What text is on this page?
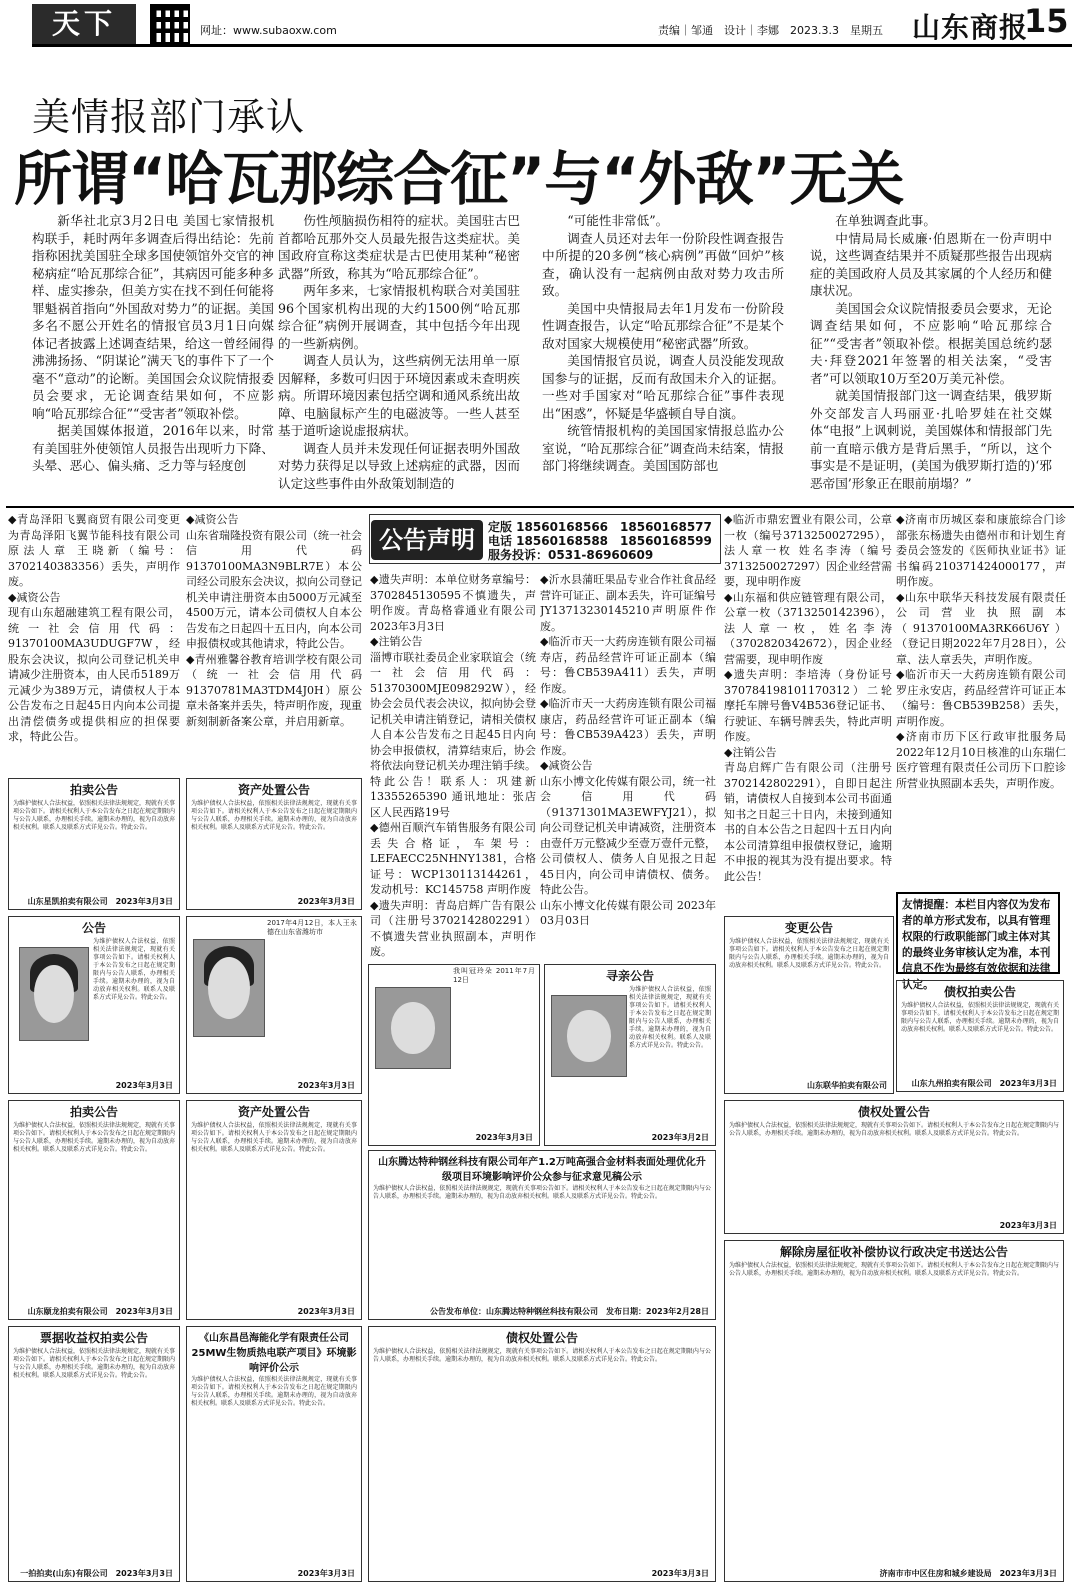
天下	网址：www.subaoxw.com	责编｜邹通　设计｜李娜　2023.3.3　星期五 山东商报
15
美情报部门承认
所谓“哈瓦那综合征”与“外敌”无关

新华社北京3月2日电 美国七家情报机构联手，耗时两年多调查后得出结论：先前指称困扰美国驻全球多国使领馆外交官的神秘病症“哈瓦那综合征”，其病因可能多种多样、虚实掺杂，但美方实在找不到任何能将罪魁祸首指向“外国敌对势力”的证据。美国多名不愿公开姓名的情报官员3月1日向媒体记者披露上述调查结果，给这一曾经闹得沸沸扬扬、“阴谋论”满天飞的事件下了一个毫不“意动”的论断。美国国会众议院情报委员会要求，无论调查结果如何，不应影响“哈瓦那综合征”“受害者”领取补偿。

据美国媒体报道，2016年以来，时常有美国驻外使领馆人员报告出现听力下降、头晕、恶心、偏头痛、乏力等与轻度创

伤性颅脑损伤相符的症状。美国驻古巴首都哈瓦那外交人员最先报告这类症状。美国政府宣称这类症状是古巴使用某种“秘密武器”所致，称其为“哈瓦那综合征”。

两年多来，七家情报机构联合对美国驻96个国家机构出现的大约1500例“哈瓦那综合征”病例开展调查，其中包括今年出现的一些新病例。

调查人员认为，这些病例无法用单一原因解释，多数可归因于环境因素或未查明疾病。所谓环境因素包括空调和通风系统出故障、电脑鼠标产生的电磁波等。一些人甚至基于道听途说虚报病状。

调查人员并未发现任何证据表明外国敌对势力获得足以导致上述病症的武器，因而认定这些事件由外敌策划制造的

“可能性非常低”。

调查人员还对去年一份阶段性调查报告中所提的20多例“核心病例”再做“回炉”核查，确认没有一起病例由敌对势力攻击所致。

美国中央情报局去年1月发布一份阶段性调查报告，认定“哈瓦那综合征”不是某个敌对国家大规模使用“秘密武器”所致。

美国情报官员说，调查人员没能发现敌国参与的证据，反而有敌国未介入的证据。一些对手国家对“哈瓦那综合征”事件表现出“困惑”，怀疑是华盛顿自导自演。

统管情报机构的美国国家情报总监办公室说，“哈瓦那综合征”调查尚未结案，情报部门将继续调查。美国国防部也

在单独调查此事。

中情局局长威廉·伯恩斯在一份声明中说，这些调查结果并不质疑那些报告出现病症的美国政府人员及其家属的个人经历和健康状况。

美国国会众议院情报委员会要求，无论调查结果如何，不应影响“哈瓦那综合征”“受害者”领取补偿。根据美国总统约瑟夫·拜登2021年签署的相关法案，“受害者”可以领取10万至20万美元补偿。

就美国情报部门这一调查结果，俄罗斯外交部发言人玛丽亚·扎哈罗娃在社交媒体“电报”上讽刺说，美国媒体和情报部门先前一直暗示俄方是背后黑手，“所以，这个事实是不是证明，(美国为俄罗斯打造的)‘邪恶帝国’形象正在眼前崩塌？”

◆青岛泽阳飞翼商贸有限公司变更为青岛泽阳飞翼节能科技有限公司原法人章 王晓新（编号：3702140383356）丢失，声明作废。

◆减资公告

现有山东超融建筑工程有限公司，统一社会信用代码：91370100MA3UDUGF7W，经股东会决议，拟向公司登记机关申请减少注册资本，由人民币5189万元减少为389万元，请债权人于本公告发布之日起45日内向本公司提出清偿债务或提供相应的担保要求，特此公告。

◆减资公告

山东省瑞隆投资有限公司（统一社会信用代码91370100MA3N9BLR7E）本公司经公司股东会决议，拟向公司登记机关申请注册资本由5000万元减至4500万元，请本公司债权人自本公告发布之日起四十五日内，向本公司申报债权或其他请求，特此公告。

◆青州雅馨谷教育培训学校有限公司（统一社会信用代码91370781MA3TDM4J0H）原公章未备案并丢失，特声明作废，现重新刻制新备案公章，并启用新章。

公告声明	定版 18560168566　18560168577
电话 18560168588　18560168599
服务投诉：0531-86960609

◆遗失声明：本单位财务章编号：3702845130595不慎遗失，声明作废。青岛格睿通业有限公司2023年3月3日

◆注销公告

淄博市联社委员企业家联谊会（统一社会信用代码：51370300MJE098292W），经协会会员代表会决议，拟向协会登记机关申请注销登记，请相关债权人自本公告发布之日起45日内向协会申报债权，清算结束后，协会将依法向登记机关办理注销手续。特此公告！联系人：巩建新 13355265390 通讯地址：张店区人民西路19号

◆德州百顺汽车销售服务有限公司丢失合格证，车架号：LEFAECC25NHNY1381，合格证号：WCP130113144261，发动机号：KC145758 声明作废

◆遗失声明：青岛启辉广告有限公司（注册号3702142802291）不慎遗失营业执照副本，声明作废。

◆沂水县蒲旺果品专业合作社食品经营许可证正、副本丢失，许可证编号JY13713230145210声明原件作废。

◆临沂市天一大药房连锁有限公司福寿店，药品经营许可证正副本（编号：鲁CB539A411）丢失，声明作废。

◆临沂市天一大药房连锁有限公司福康店，药品经营许可证正副本（编号：鲁CB539A423）丢失，声明作废。

◆减资公告

山东小博文化传媒有限公司，统一社会信用代码（91371301MA3EWFYJ21），拟向公司登记机关申请减资，注册资本由壹仟万元整减少至壹万壹仟元整，公司债权人、债务人自见报之日起45日内，向公司申请债权、债务。特此公告。

山东小博文化传媒有限公司 2023年03月03日

◆临沂市鼎宏置业有限公司，公章一枚（编号3713250027295），法人章一枚 姓名李涛（编号3713250027297）因企业经营需要，现申明作废

◆山东福和供应链管理有限公司，公章一枚（3713250142396），法人章一枚，姓名李涛（3702820342672），因企业经营需要，现申明作废

◆遗失声明：李培涛（身份证号370784198101170312）二轮摩托车牌号鲁V4B536登记证书、行驶证、车辆号牌丢失，特此声明作废。

◆注销公告

青岛启辉广告有限公司（注册号3702142802291），自即日起注销，请债权人自接到本公司书面通知书之日起三十日内，未接到通知书的自本公告之日起四十五日内向本公司清算组申报债权登记，逾期不申报的视其为没有提出要求。特此公告！

◆济南市历城区泰和康旅综合门诊部张东杨遗失由德州市和计划生育委员会签发的《医师执业证书》证书编码210371424000177，声明作废。

◆山东中联华天科技发展有限责任公司营业执照副本（91370100MA3RK66U6Y）（登记日期2022年7月28日），公章、法人章丢失，声明作废。

◆临沂市天一大药房连锁有限公司罗庄永安店，药品经营许可证正本（编号：鲁CB539B258）丢失，声明作废。

◆济南市历下区行政审批服务局2022年12月10日核准的山东瑞仁医疗管理有限责任公司历下口腔诊所营业执照副本丢失，声明作废。

友情提醒：本栏目内容仅为发布者的单方形式发布，以具有管理权限的行政职能部门或主体对其的最终业务审核认定为准，本刊信息不作为最终有效依据和法律认定。
拍卖公告
为维护债权人合法权益，依照相关法律法规规定，现就有关事项公告如下。请相关权利人于本公告发布之日起在规定期限内与公告人联系，办理相关手续。逾期未办理的，视为自动放弃相关权利。联系人及联系方式详见公告。特此公告。
山东星凯拍卖有限公司　2023年3月3日
资产处置公告
为维护债权人合法权益，依照相关法律法规规定，现就有关事项公告如下。请相关权利人于本公告发布之日起在规定期限内与公告人联系，办理相关手续。逾期未办理的，视为自动放弃相关权利。联系人及联系方式详见公告。特此公告。
2023年3月3日
公告
为维护债权人合法权益，依照相关法律法规规定，现就有关事项公告如下。请相关权利人于本公告发布之日起在规定期限内与公告人联系，办理相关手续。逾期未办理的，视为自动放弃相关权利。联系人及联系方式详见公告。特此公告。
2023年3月3日
2017年4月12日，本人王永德在山东省潍坊市
2023年3月3日
我叫冠玲朵 2011年7月12日
2023年3月3日
寻亲公告
为维护债权人合法权益，依照相关法律法规规定，现就有关事项公告如下。请相关权利人于本公告发布之日起在规定期限内与公告人联系，办理相关手续。逾期未办理的，视为自动放弃相关权利。联系人及联系方式详见公告。特此公告。
2023年3月2日
变更公告
为维护债权人合法权益，依照相关法律法规规定，现就有关事项公告如下。请相关权利人于本公告发布之日起在规定期限内与公告人联系，办理相关手续。逾期未办理的，视为自动放弃相关权利。联系人及联系方式详见公告。特此公告。
山东联华拍卖有限公司
债权拍卖公告
为维护债权人合法权益，依照相关法律法规规定，现就有关事项公告如下。请相关权利人于本公告发布之日起在规定期限内与公告人联系，办理相关手续。逾期未办理的，视为自动放弃相关权利。联系人及联系方式详见公告。特此公告。
山东九州拍卖有限公司　2023年3月3日
拍卖公告
为维护债权人合法权益，依照相关法律法规规定，现就有关事项公告如下。请相关权利人于本公告发布之日起在规定期限内与公告人联系，办理相关手续。逾期未办理的，视为自动放弃相关权利。联系人及联系方式详见公告。特此公告。
山东颐龙拍卖有限公司　2023年3月3日
资产处置公告
为维护债权人合法权益，依照相关法律法规规定，现就有关事项公告如下。请相关权利人于本公告发布之日起在规定期限内与公告人联系，办理相关手续。逾期未办理的，视为自动放弃相关权利。联系人及联系方式详见公告。特此公告。
2023年3月3日
山东腾达特种钢丝科技有限公司年产1.2万吨高强合金材料表面处理优化升级项目环境影响评价公众参与征求意见稿公示
为维护债权人合法权益，依照相关法律法规规定，现就有关事项公告如下。请相关权利人于本公告发布之日起在规定期限内与公告人联系，办理相关手续。逾期未办理的，视为自动放弃相关权利。联系人及联系方式详见公告。特此公告。
公告发布单位：山东腾达特种钢丝科技有限公司　发布日期：2023年2月28日
债权处置公告
为维护债权人合法权益，依照相关法律法规规定，现就有关事项公告如下。请相关权利人于本公告发布之日起在规定期限内与公告人联系，办理相关手续。逾期未办理的，视为自动放弃相关权利。联系人及联系方式详见公告。特此公告。
2023年3月3日
票据收益权拍卖公告
为维护债权人合法权益，依照相关法律法规规定，现就有关事项公告如下。请相关权利人于本公告发布之日起在规定期限内与公告人联系，办理相关手续。逾期未办理的，视为自动放弃相关权利。联系人及联系方式详见公告。特此公告。
一拍拍卖(山东)有限公司　2023年3月3日
《山东昌邑海能化学有限责任公司25MW生物质热电联产项目》环境影响评价公示
为维护债权人合法权益，依照相关法律法规规定，现就有关事项公告如下。请相关权利人于本公告发布之日起在规定期限内与公告人联系，办理相关手续。逾期未办理的，视为自动放弃相关权利。联系人及联系方式详见公告。特此公告。
2023年3月3日
债权处置公告
为维护债权人合法权益，依照相关法律法规规定，现就有关事项公告如下。请相关权利人于本公告发布之日起在规定期限内与公告人联系，办理相关手续。逾期未办理的，视为自动放弃相关权利。联系人及联系方式详见公告。特此公告。
2023年3月3日
解除房屋征收补偿协议行政决定书送达公告
为维护债权人合法权益，依照相关法律法规规定，现就有关事项公告如下。请相关权利人于本公告发布之日起在规定期限内与公告人联系，办理相关手续。逾期未办理的，视为自动放弃相关权利。联系人及联系方式详见公告。特此公告。
济南市市中区住房和城乡建设局　2023年3月3日
